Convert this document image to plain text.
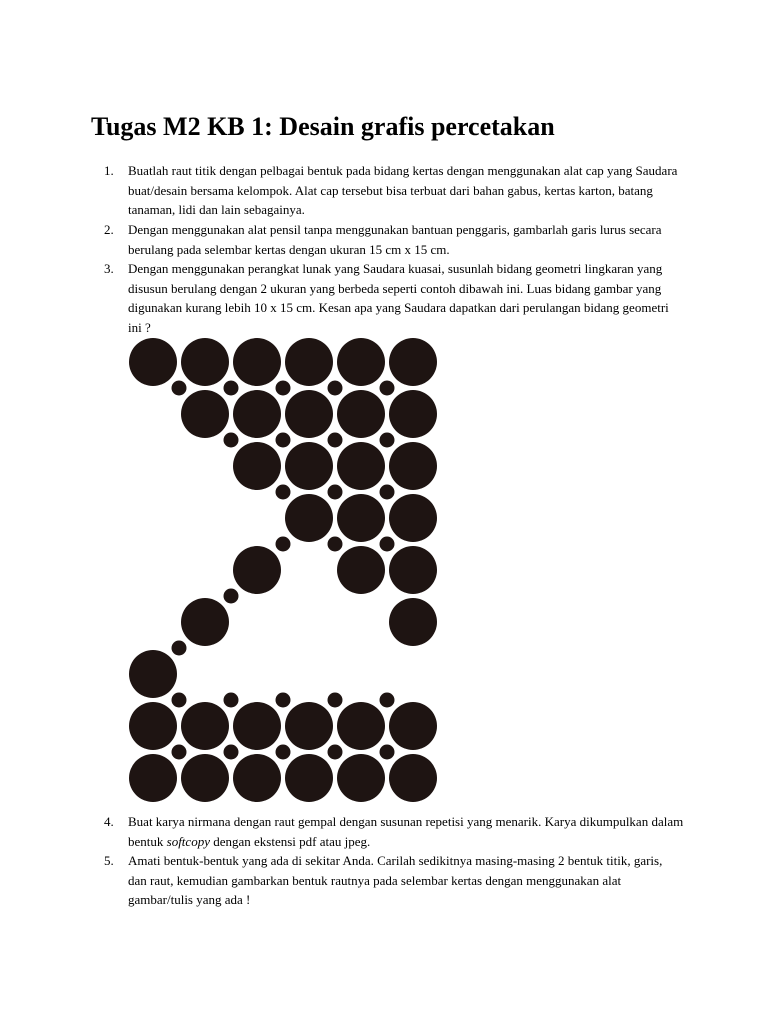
Tugas M2 KB 1: Desain grafis percetakan
1. Buatlah raut titik dengan pelbagai bentuk pada bidang kertas dengan menggunakan alat cap yang Saudara buat/desain bersama kelompok. Alat cap tersebut bisa terbuat dari bahan gabus, kertas karton, batang tanaman, lidi dan lain sebagainya.
2. Dengan menggunakan alat pensil tanpa menggunakan bantuan penggaris, gambarlah garis lurus secara berulang pada selembar kertas dengan ukuran 15 cm x 15 cm.
3. Dengan menggunakan perangkat lunak yang Saudara kuasai, susunlah bidang geometri lingkaran yang disusun berulang dengan 2 ukuran yang berbeda seperti contoh dibawah ini. Luas bidang gambar yang digunakan kurang lebih 10 x 15 cm. Kesan apa yang Saudara dapatkan dari perulangan bidang geometri ini ?
4. Buat karya nirmana dengan raut gempal dengan susunan repetisi yang menarik. Karya dikumpulkan dalam bentuk softcopy dengan ekstensi pdf atau jpeg.
5. Amati bentuk-bentuk yang ada di sekitar Anda. Carilah sedikitnya masing-masing 2 bentuk titik, garis, dan raut, kemudian gambarkan bentuk rautnya pada selembar kertas dengan menggunakan alat gambar/tulis yang ada !
